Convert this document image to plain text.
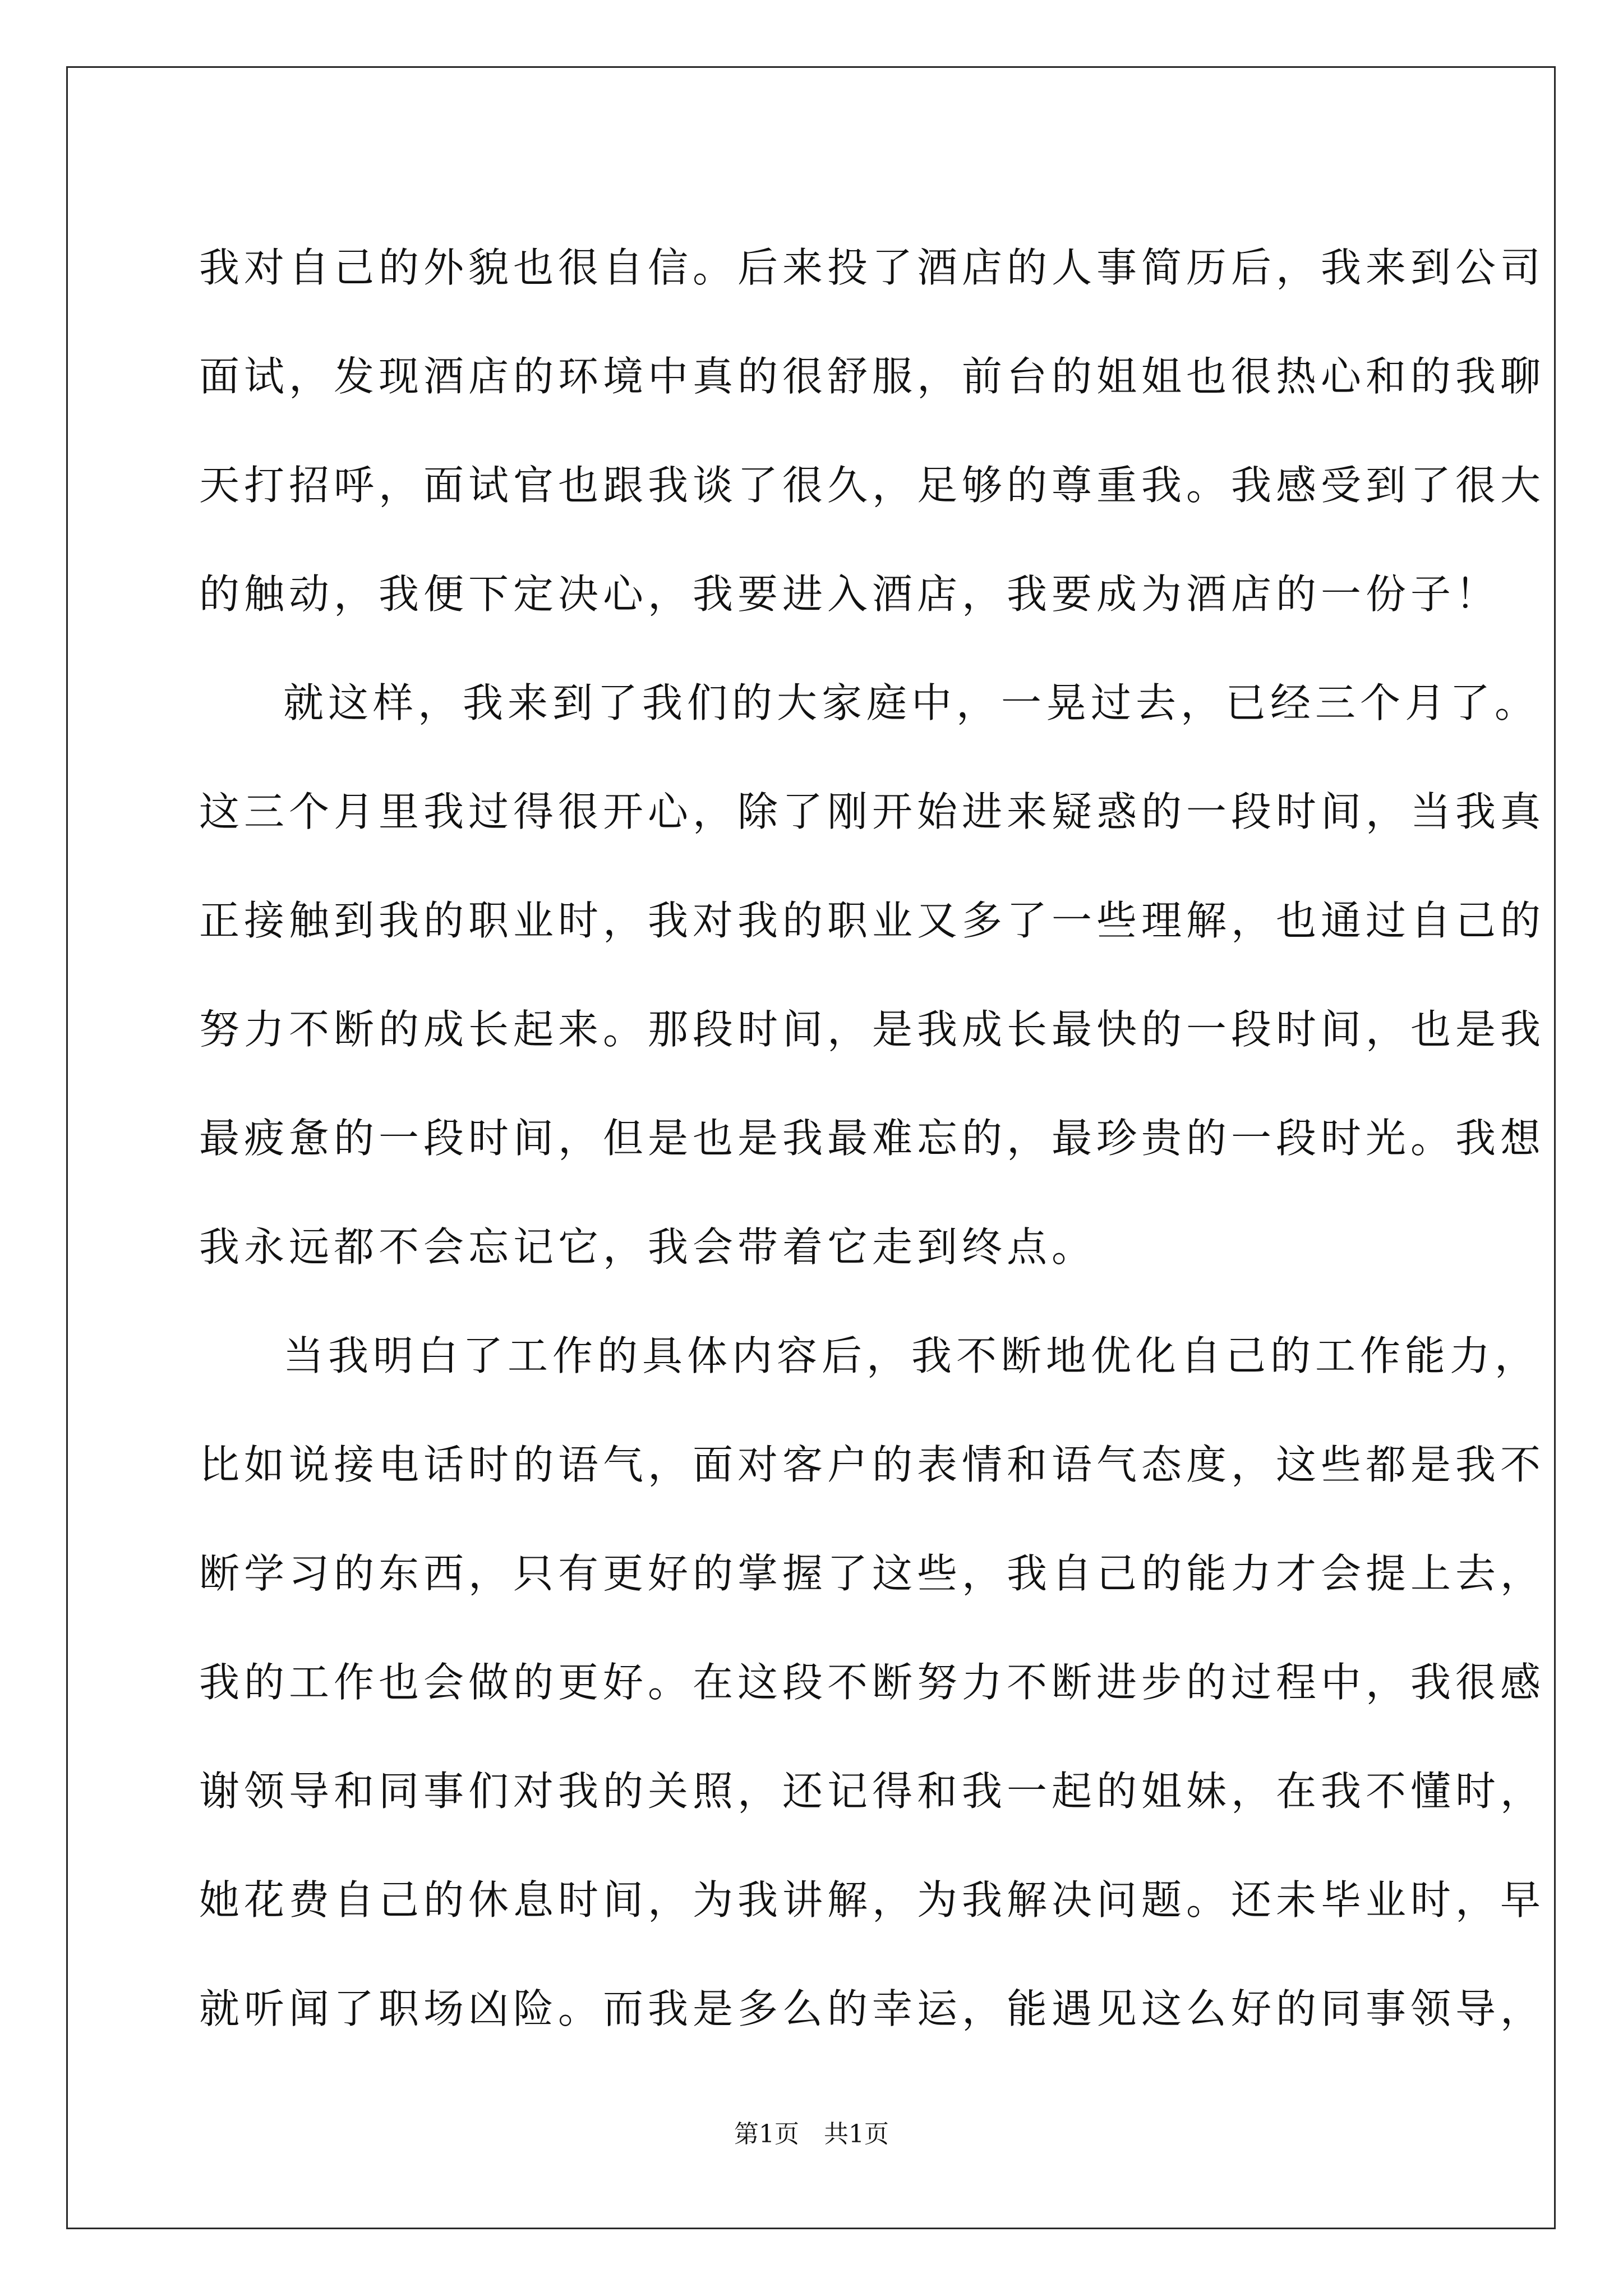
我对自己的外貌也很自信。后来投了酒店的人事简历后，我来到公司
面试，发现酒店的环境中真的很舒服，前台的姐姐也很热心和的我聊
天打招呼，面试官也跟我谈了很久，足够的尊重我。我感受到了很大
的触动，我便下定决心，我要进入酒店，我要成为酒店的一份子！
就这样，我来到了我们的大家庭中，一晃过去，已经三个月了。
这三个月里我过得很开心，除了刚开始进来疑惑的一段时间，当我真
正接触到我的职业时，我对我的职业又多了一些理解，也通过自己的
努力不断的成长起来。那段时间，是我成长最快的一段时间，也是我
最疲惫的一段时间，但是也是我最难忘的，最珍贵的一段时光。我想
我永远都不会忘记它，我会带着它走到终点。
当我明白了工作的具体内容后，我不断地优化自己的工作能力，
比如说接电话时的语气，面对客户的表情和语气态度，这些都是我不
断学习的东西，只有更好的掌握了这些，我自己的能力才会提上去，
我的工作也会做的更好。在这段不断努力不断进步的过程中，我很感
谢领导和同事们对我的关照，还记得和我一起的姐妹，在我不懂时，
她花费自己的休息时间，为我讲解，为我解决问题。还未毕业时，早
就听闻了职场凶险。而我是多么的幸运，能遇见这么好的同事领导，
第1页　共1页
